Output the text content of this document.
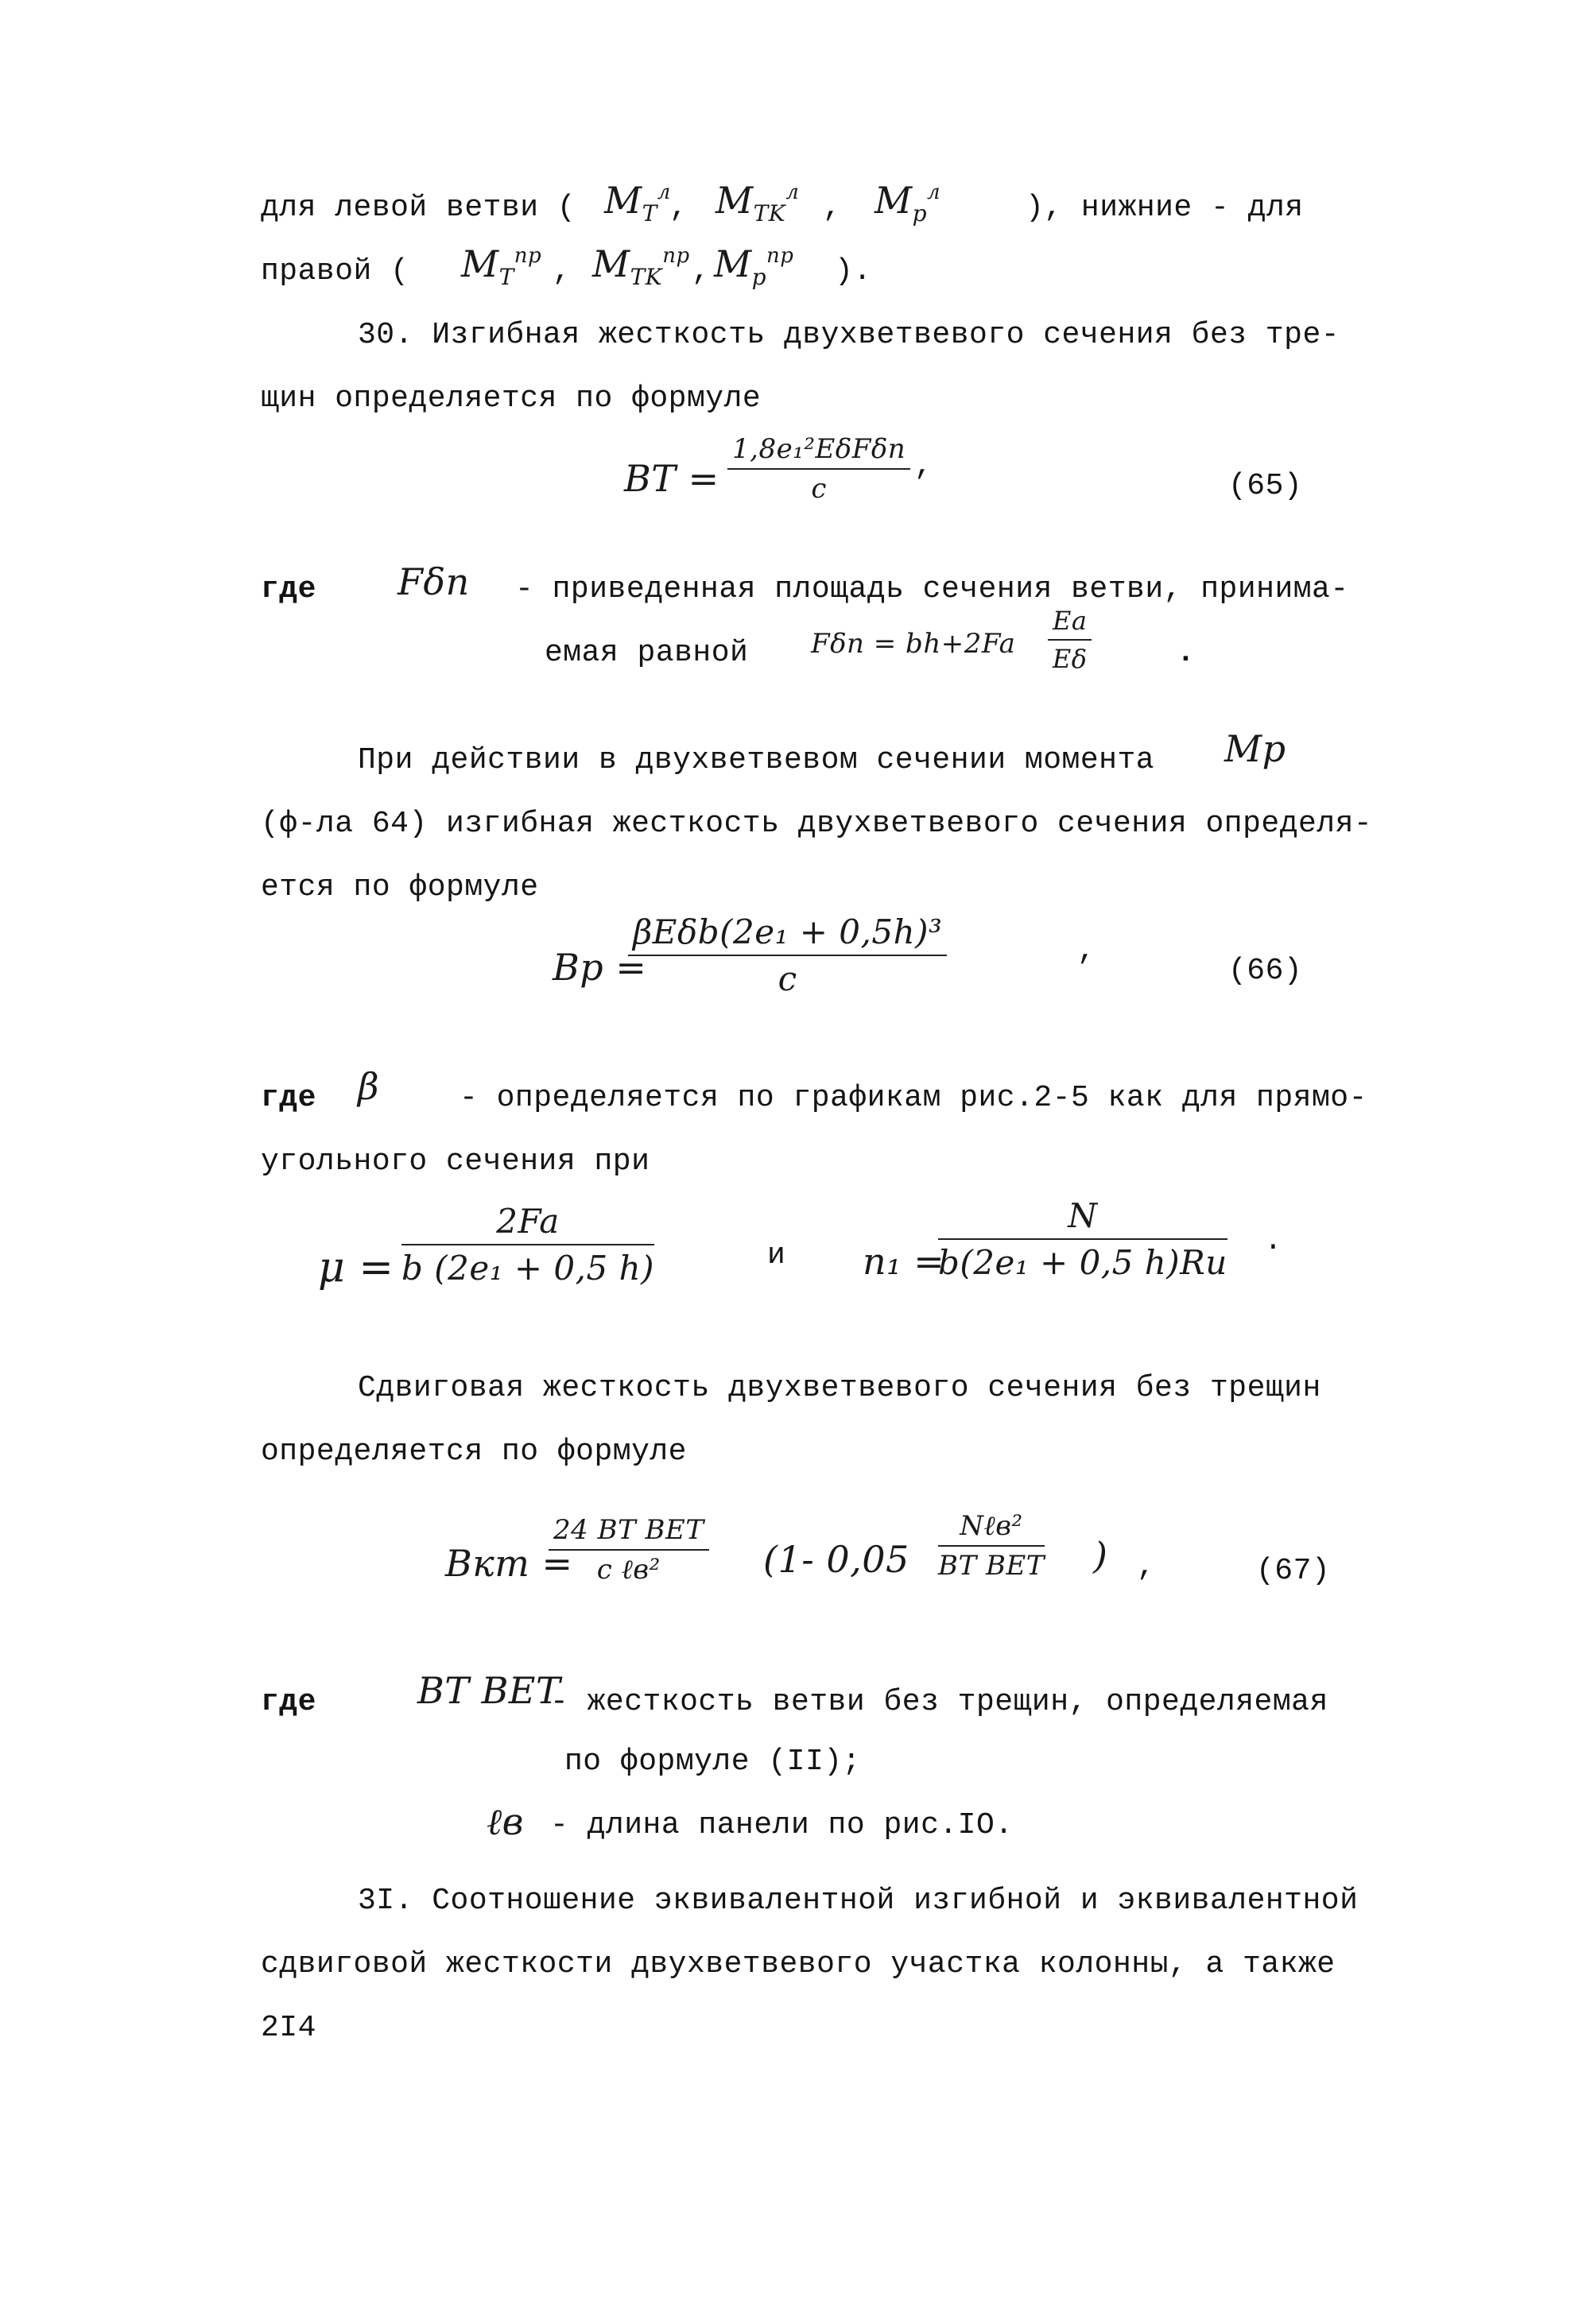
для левой ветви ( $M_T^л$
, $M_{TK}^л$ , $M_p^л$	), нижние - для
правой ( $M_T^{пр}$ , $M_{TK}^{пр}$ , $M_p^{пр}$ ).
30. Изгибная жесткость двухветвевого сечения без тре-
щин определяется по формуле
BT =
1,8e₁²EδFδп
c
,
(65)
где Fδп - приведенная площадь сечения ветви, принима-
емая равной $F\delta п = bh+2Fa \frac{Ea}{E\delta}$	.
При действии в двухветвевом сечении момента Mp
(ф-ла 64) изгибная жесткость двухветвевого сечения определя-
ется по формуле
Bp =
βEδb(2e₁ + 0,5h)³
c
,
(66)
где β	- определяется по графикам рис.2-5 как для прямо-
угольного сечения при
$\mu = \frac{2Fa}{\text{b (2e₁ + 0,5 h)}}$	и n₁ =
N
b(2e₁ + 0,5 h)Rи
.
Сдвиговая жесткость двухветвевого сечения без трещин
определяется по формуле
Bкт =
24 BT ВЕТ
c ℓв²	(1- 0,05
Nℓв²
BT ВЕТ ) ,	(67)
где	BT ВЕТ
- жесткость ветви без трещин, определяемая
по формуле (II);
ℓв - длина панели по рис.IO.
3I. Соотношение эквивалентной изгибной и эквивалентной
сдвиговой жесткости двухветвевого участка колонны, а также
2I4
